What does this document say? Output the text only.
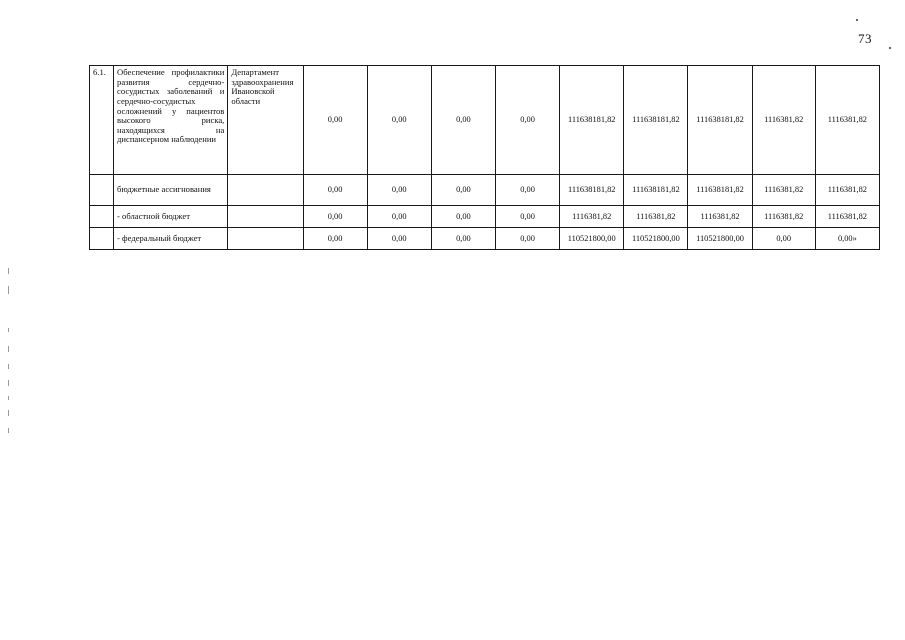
73
6.1.	Обеспечение профилактики развития сердечно-сосудистых заболеваний и сердечно-сосудистых осложнений у пациентов высокого риска, находящихся на диспансерном наблюдении	Департамент здравоохранения Ивановской области	0,00	0,00	0,00	0,00	111638181,82	111638181,82	111638181,82	1116381,82	1116381,82
	бюджетные ассигнования		0,00	0,00	0,00	0,00	111638181,82	111638181,82	111638181,82	1116381,82	1116381,82
	- областной бюджет		0,00	0,00	0,00	0,00	1116381,82	1116381,82	1116381,82	1116381,82	1116381,82
	- федеральный бюджет		0,00	0,00	0,00	0,00	110521800,00	110521800,00	110521800,00	0,00	0,00»
